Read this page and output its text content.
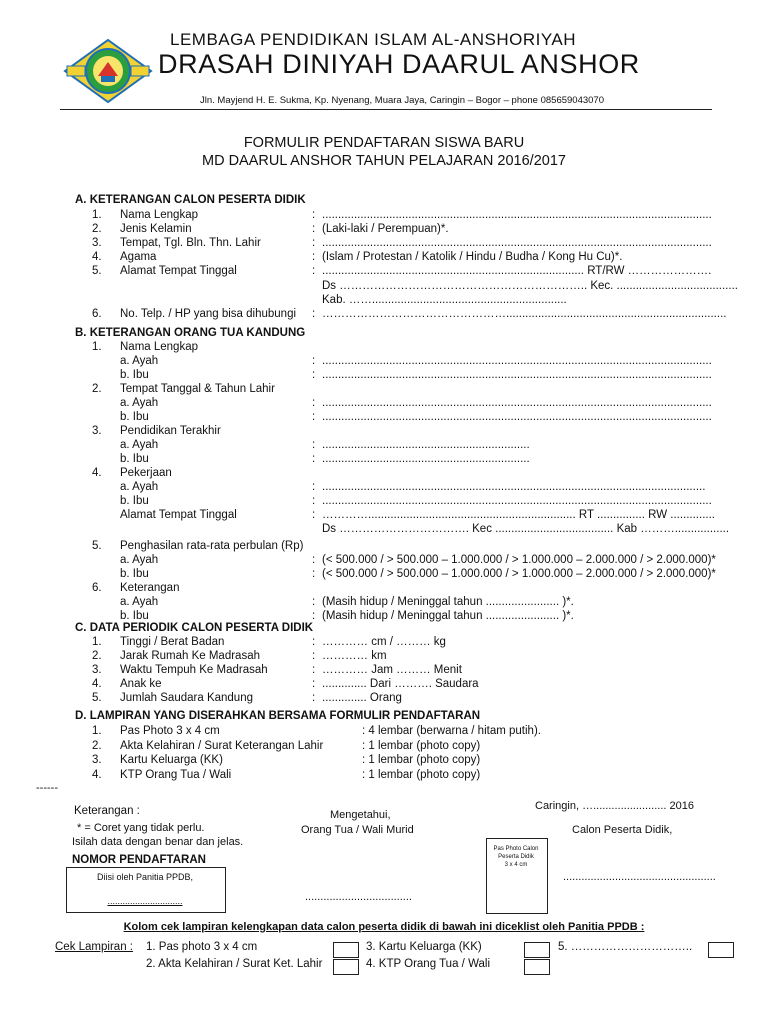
LEMBAGA PENDIDIKAN ISLAM AL-ANSHORIYAH
DRASAH DINIYAH DAARUL ANSHOR
Jln. Mayjend H. E. Sukma, Kp. Nyenang, Muara Jaya, Caringin – Bogor – phone 085659043070
FORMULIR PENDAFTARAN SISWA BARU
MD DAARUL ANSHOR TAHUN PELAJARAN 2016/2017
A. KETERANGAN CALON PESERTA DIDIK
1. Nama Lengkap	: ..........................................................................................................................
2. Jenis Kelamin	: (Laki-laki / Perempuan)*.
3. Tempat, Tgl. Bln. Thn. Lahir	: ..........................................................................................................................
4. Agama	: (Islam / Protestan / Katolik / Hindu / Budha / Kong Hu Cu)*.
5. Alamat Tempat Tinggal	: .................................................................................. RT/RW ………………….
Ds ……………………………………………………….. Kec. ......................................
Kab. …….............................................................
6. No. Telp. / HP yang bisa dihubungi : ………………………………………….....................................................................
B. KETERANGAN ORANG TUA KANDUNG
1. Nama Lengkap
a. Ayah	: ..........................................................................................................................
b. Ibu	: ..........................................................................................................................
2. Tempat Tanggal & Tahun Lahir
a. Ayah	: ..........................................................................................................................
b. Ibu	: ..........................................................................................................................
3. Pendidikan Terakhir
a. Ayah	: .................................................................
b. Ibu	: .................................................................
4. Pekerjaan
a. Ayah	: ........................................................................................................................
b. Ibu	: ..........................................................................................................................
Alamat Tempat Tinggal	: …………................................................................. RT ............... RW ..............
Ds ……………………………. Kec ..................................... Kab ……….................
5. Penghasilan rata-rata perbulan (Rp)
a. Ayah	: (< 500.000 / > 500.000 – 1.000.000 / > 1.000.000 – 2.000.000 / > 2.000.000)*
b. Ibu	: (< 500.000 / > 500.000 – 1.000.000 / > 1.000.000 – 2.000.000 / > 2.000.000)*
6. Keterangan
a. Ayah	: (Masih hidup / Meninggal tahun ....................... )*.
b. Ibu	: (Masih hidup / Meninggal tahun ....................... )*.
C. DATA PERIODIK CALON PESERTA DIDIK
1. Tinggi / Berat Badan	: ………… cm / ……… kg
2. Jarak Rumah Ke Madrasah	: ………… km
3. Waktu Tempuh Ke Madrasah	: ………… Jam ……… Menit
4. Anak ke	: .............. Dari ………. Saudara
5. Jumlah Saudara Kandung	: .............. Orang
D. LAMPIRAN YANG DISERAHKAN BERSAMA FORMULIR PENDAFTARAN
1. Pas Photo 3 x 4 cm	: 4 lembar (berwarna / hitam putih).
2. Akta Kelahiran / Surat Keterangan Lahir	: 1 lembar (photo copy)
3. Kartu Keluarga (KK)	: 1 lembar (photo copy)
4. KTP Orang Tua / Wali	: 1 lembar (photo copy)
------
Keterangan :
* = Coret yang tidak perlu.
Isilah data dengan benar dan jelas.
NOMOR PENDAFTARAN
Diisi oleh Panitia PPDB,
..............................
Mengetahui,
Orang Tua / Wali Murid
...................................
Pas Photo Calon
Peserta Didik
3 x 4 cm
Caringin, …........................ 2016
Calon Peserta Didik,
..................................................
Kolom cek lampiran kelengkapan data calon peserta didik di bawah ini diceklist oleh Panitia PPDB :
Cek Lampiran : 1. Pas photo 3 x 4 cm	3. Kartu Keluarga (KK)	5. …………………………..
2. Akta Kelahiran / Surat Ket. Lahir	4. KTP Orang Tua / Wali
